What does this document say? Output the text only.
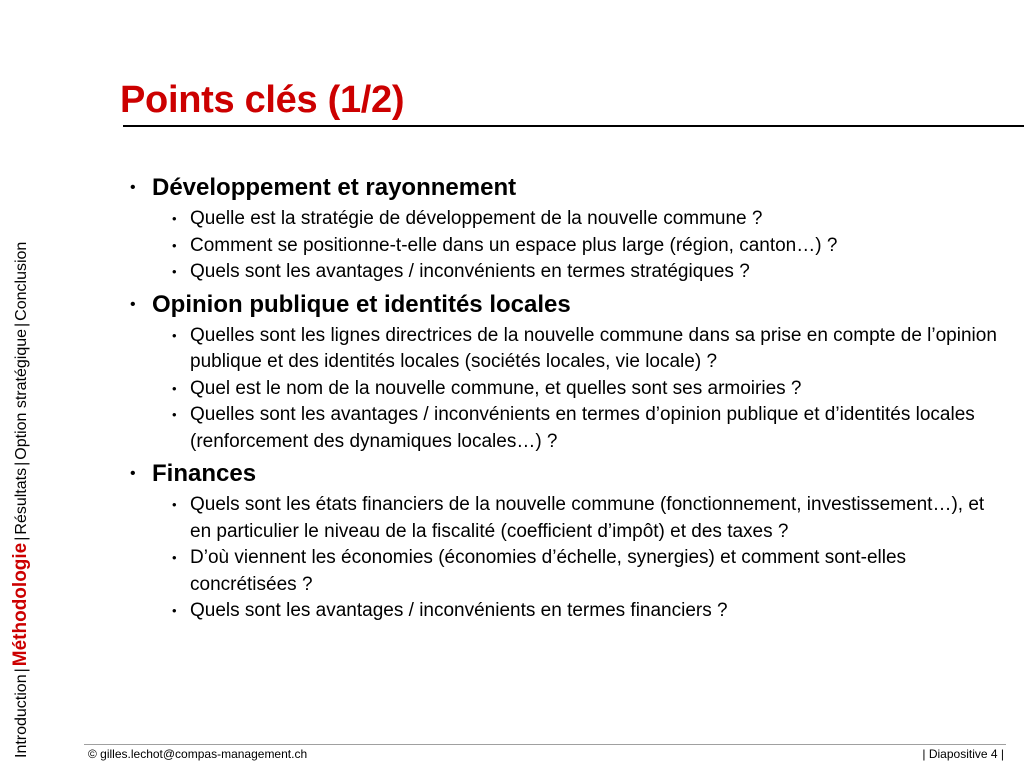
Introduction|Méthodologie|Résultats|Option stratégique|Conclusion
Points clés (1/2)
• Développement et rayonnement
• Quelle est la stratégie de développement de la nouvelle commune ?
• Comment se positionne-t-elle dans un espace plus large (région, canton…) ?
• Quels sont les avantages / inconvénients en termes stratégiques ?
• Opinion publique et identités locales
• Quelles sont les lignes directrices de la nouvelle commune dans sa prise en compte de l’opinion publique et des identités locales (sociétés locales, vie locale) ?
• Quel est le nom de la nouvelle commune, et quelles sont ses armoiries ?
• Quelles sont les avantages / inconvénients en termes d’opinion publique et d’identités locales (renforcement des dynamiques locales…) ?
• Finances
• Quels sont les états financiers de la nouvelle commune (fonctionnement, investissement…), et en particulier le niveau de la fiscalité (coefficient d’impôt) et des taxes ?
• D’où viennent les économies (économies d’échelle, synergies) et comment sont-elles concrétisées ?
• Quels sont les avantages / inconvénients en termes financiers ?
© gilles.lechot@compas-management.ch	| Diapositive 4 |
